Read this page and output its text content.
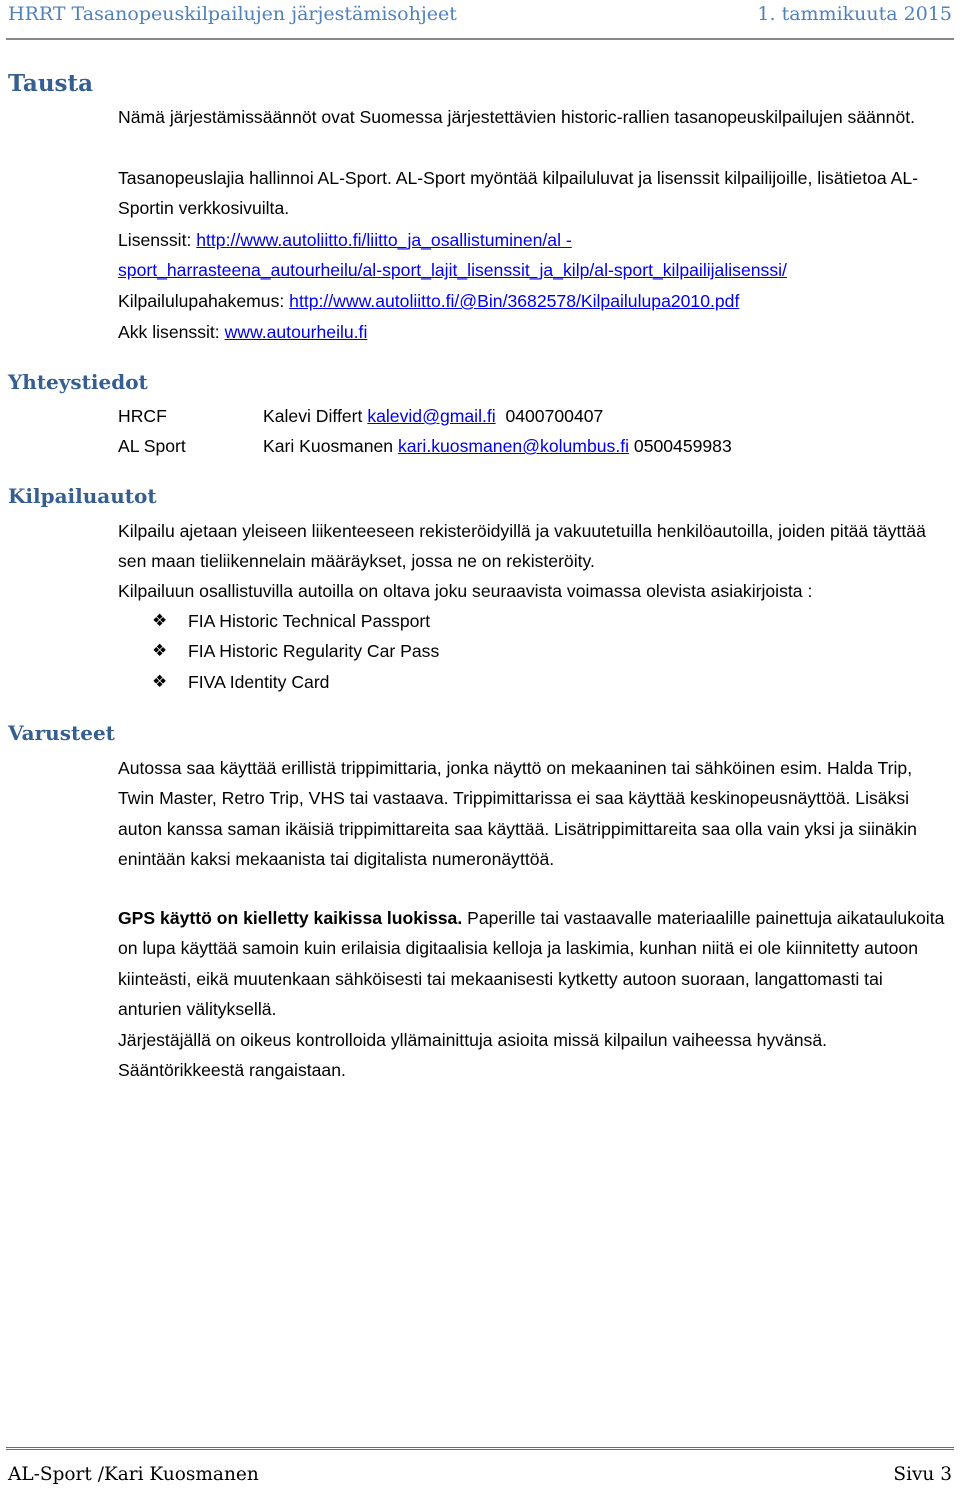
HRRT Tasanopeuskilpailujen järjestämisohjeet	1. tammikuuta 2015
Tausta

Nämä järjestämissäännöt ovat Suomessa järjestettävien historic-rallien tasanopeuskilpailujen säännöt.

Tasanopeuslajia hallinnoi AL-Sport. AL-Sport myöntää kilpailuluvat ja lisenssit kilpailijoille, lisätietoa AL-Sportin verkkosivuilta.

Lisenssit: http://www.autoliitto.fi/liitto_ja_osallistuminen/al -
sport_harrasteena_autourheilu/al-sport_lajit_lisenssit_ja_kilp/al-sport_kilpailijalisenssi/
Kilpailulupahakemus: http://www.autoliitto.fi/@Bin/3682578/Kilpailulupa2010.pdf
Akk lisenssit: www.autourheilu.fi
Yhteystiedot
HRCF	Kalevi Differt kalevid@gmail.fi 0400700407
AL Sport	Kari Kuosmanen kari.kuosmanen@kolumbus.fi 0500459983
Kilpailuautot

Kilpailu ajetaan yleiseen liikenteeseen rekisteröidyillä ja vakuutetuilla henkilöautoilla, joiden pitää täyttää sen maan tieliikennelain määräykset, jossa ne on rekisteröity.

Kilpailuun osallistuvilla autoilla on oltava joku seuraavista voimassa olevista asiakirjoista :

❖ FIA Historic Technical Passport
❖ FIA Historic Regularity Car Pass
❖ FIVA Identity Card
Varusteet

Autossa saa käyttää erillistä trippimittaria, jonka näyttö on mekaaninen tai sähköinen esim. Halda Trip, Twin Master, Retro Trip, VHS tai vastaava. Trippimittarissa ei saa käyttää keskinopeusnäyttöä. Lisäksi auton kanssa saman ikäisiä trippimittareita saa käyttää. Lisätrippimittareita saa olla vain yksi ja siinäkin enintään kaksi mekaanista tai digitalista numeronäyttöä.

GPS käyttö on kielletty kaikissa luokissa. Paperille tai vastaavalle materiaalille painettuja aikataulukoita on lupa käyttää samoin kuin erilaisia digitaalisia kelloja ja laskimia, kunhan niitä ei ole kiinnitetty autoon kiinteästi, eikä muutenkaan sähköisesti tai mekaanisesti kytketty autoon suoraan, langattomasti tai anturien välityksellä.

Järjestäjällä on oikeus kontrolloida yllämainittuja asioita missä kilpailun vaiheessa hyvänsä. Sääntörikkeestä rangaistaan.

AL-Sport /Kari Kuosmanen	Sivu 3
